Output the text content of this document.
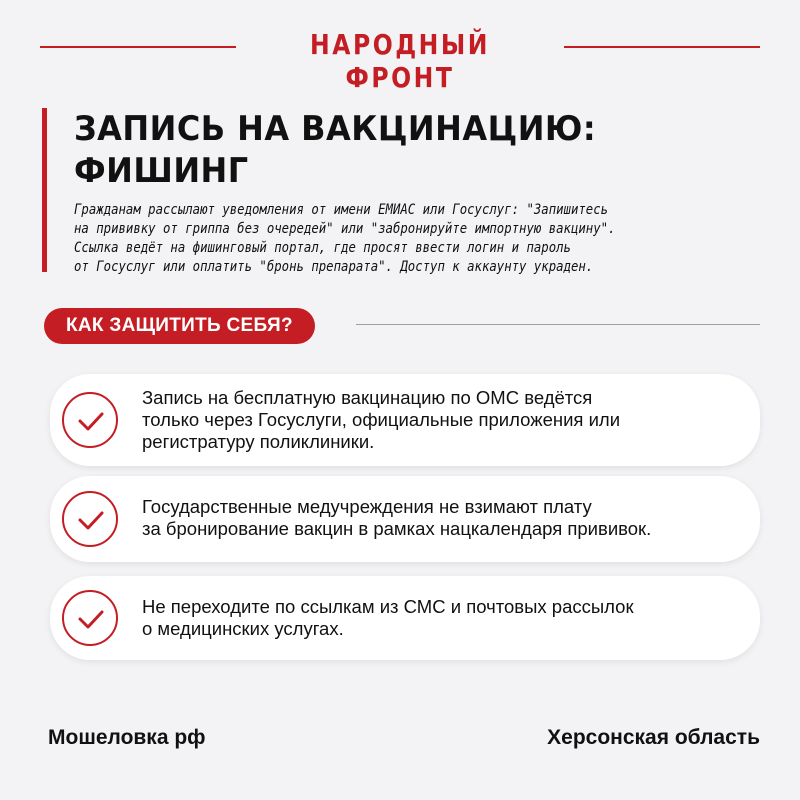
НАРОДНЫЙ ФРОНТ
ЗАПИСЬ НА ВАКЦИНАЦИЮ:
ФИШИНГ

Гражданам рассылают уведомления от имени ЕМИАС или Госуслуг: "Запишитесь
на прививку от гриппа без очередей" или "забронируйте импортную вакцину".
Ссылка ведёт на фишинговый портал, где просят ввести логин и пароль
от Госуслуг или оплатить "бронь препарата". Доступ к аккаунту украден.

КАК ЗАЩИТИТЬ СЕБЯ?

Запись на бесплатную вакцинацию по ОМС ведётся
только через Госуслуги, официальные приложения или
регистратуру поликлиники.

Государственные медучреждения не взимают плату
за бронирование вакцин в рамках нацкалендаря прививок.

Не переходите по ссылкам из СМС и почтовых рассылок
о медицинских услугах.

Мошеловка рф	Херсонская область
